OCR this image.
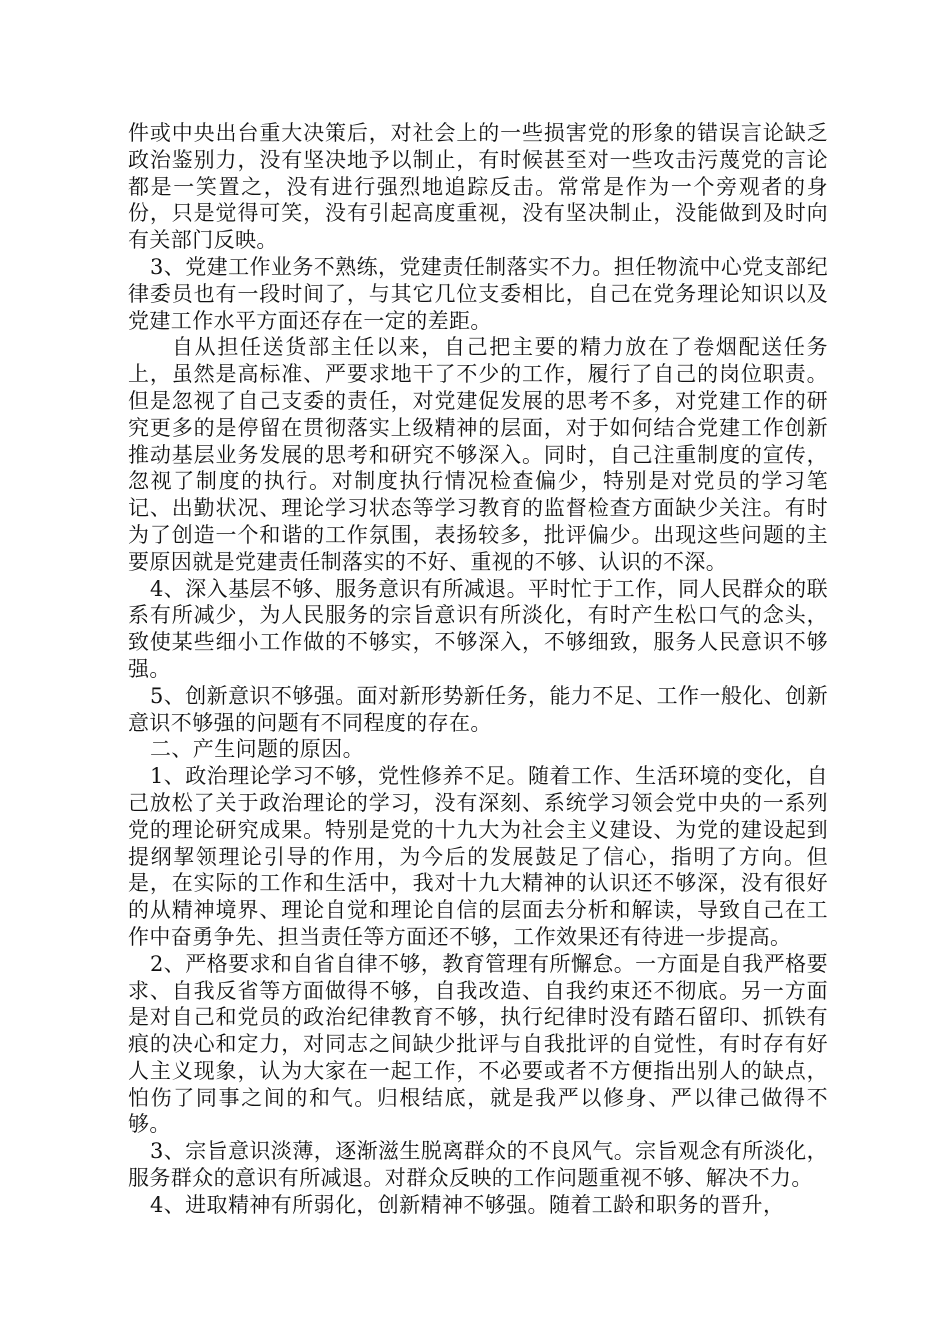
件或中央出台重大决策后，对社会上的一些损害党的形象的错误言论缺乏政治鉴别力，没有坚决地予以制止，有时候甚至对一些攻击污蔑党的言论都是一笑置之，没有进行强烈地追踪反击。常常是作为一个旁观者的身份，只是觉得可笑，没有引起高度重视，没有坚决制止，没能做到及时向有关部门反映。

3、党建工作业务不熟练，党建责任制落实不力。担任物流中心党支部纪律委员也有一段时间了，与其它几位支委相比，自己在党务理论知识以及党建工作水平方面还存在一定的差距。

自从担任送货部主任以来，自己把主要的精力放在了卷烟配送任务上，虽然是高标准、严要求地干了不少的工作，履行了自己的岗位职责。但是忽视了自己支委的责任，对党建促发展的思考不多，对党建工作的研究更多的是停留在贯彻落实上级精神的层面，对于如何结合党建工作创新推动基层业务发展的思考和研究不够深入。同时，自己注重制度的宣传，忽视了制度的执行。对制度执行情况检查偏少，特别是对党员的学习笔记、出勤状况、理论学习状态等学习教育的监督检查方面缺少关注。有时为了创造一个和谐的工作氛围，表扬较多，批评偏少。出现这些问题的主要原因就是党建责任制落实的不好、重视的不够、认识的不深。

4、深入基层不够、服务意识有所减退。平时忙于工作，同人民群众的联系有所减少，为人民服务的宗旨意识有所淡化，有时产生松口气的念头，致使某些细小工作做的不够实，不够深入，不够细致，服务人民意识不够强。

5、创新意识不够强。面对新形势新任务，能力不足、工作一般化、创新意识不够强的问题有不同程度的存在。

二、产生问题的原因。

1、政治理论学习不够，党性修养不足。随着工作、生活环境的变化，自己放松了关于政治理论的学习，没有深刻、系统学习领会党中央的一系列党的理论研究成果。特别是党的十九大为社会主义建设、为党的建设起到提纲挈领理论引导的作用，为今后的发展鼓足了信心，指明了方向。但是，在实际的工作和生活中，我对十九大精神的认识还不够深，没有很好的从精神境界、理论自觉和理论自信的层面去分析和解读，导致自己在工作中奋勇争先、担当责任等方面还不够，工作效果还有待进一步提高。

2、严格要求和自省自律不够，教育管理有所懈怠。一方面是自我严格要求、自我反省等方面做得不够，自我改造、自我约束还不彻底。另一方面是对自己和党员的政治纪律教育不够，执行纪律时没有踏石留印、抓铁有痕的决心和定力，对同志之间缺少批评与自我批评的自觉性，有时存有好人主义现象，认为大家在一起工作，不必要或者不方便指出别人的缺点，怕伤了同事之间的和气。归根结底，就是我严以修身、严以律己做得不够。

3、宗旨意识淡薄，逐渐滋生脱离群众的不良风气。宗旨观念有所淡化，服务群众的意识有所减退。对群众反映的工作问题重视不够、解决不力。

4、进取精神有所弱化，创新精神不够强。随着工龄和职务的晋升，
